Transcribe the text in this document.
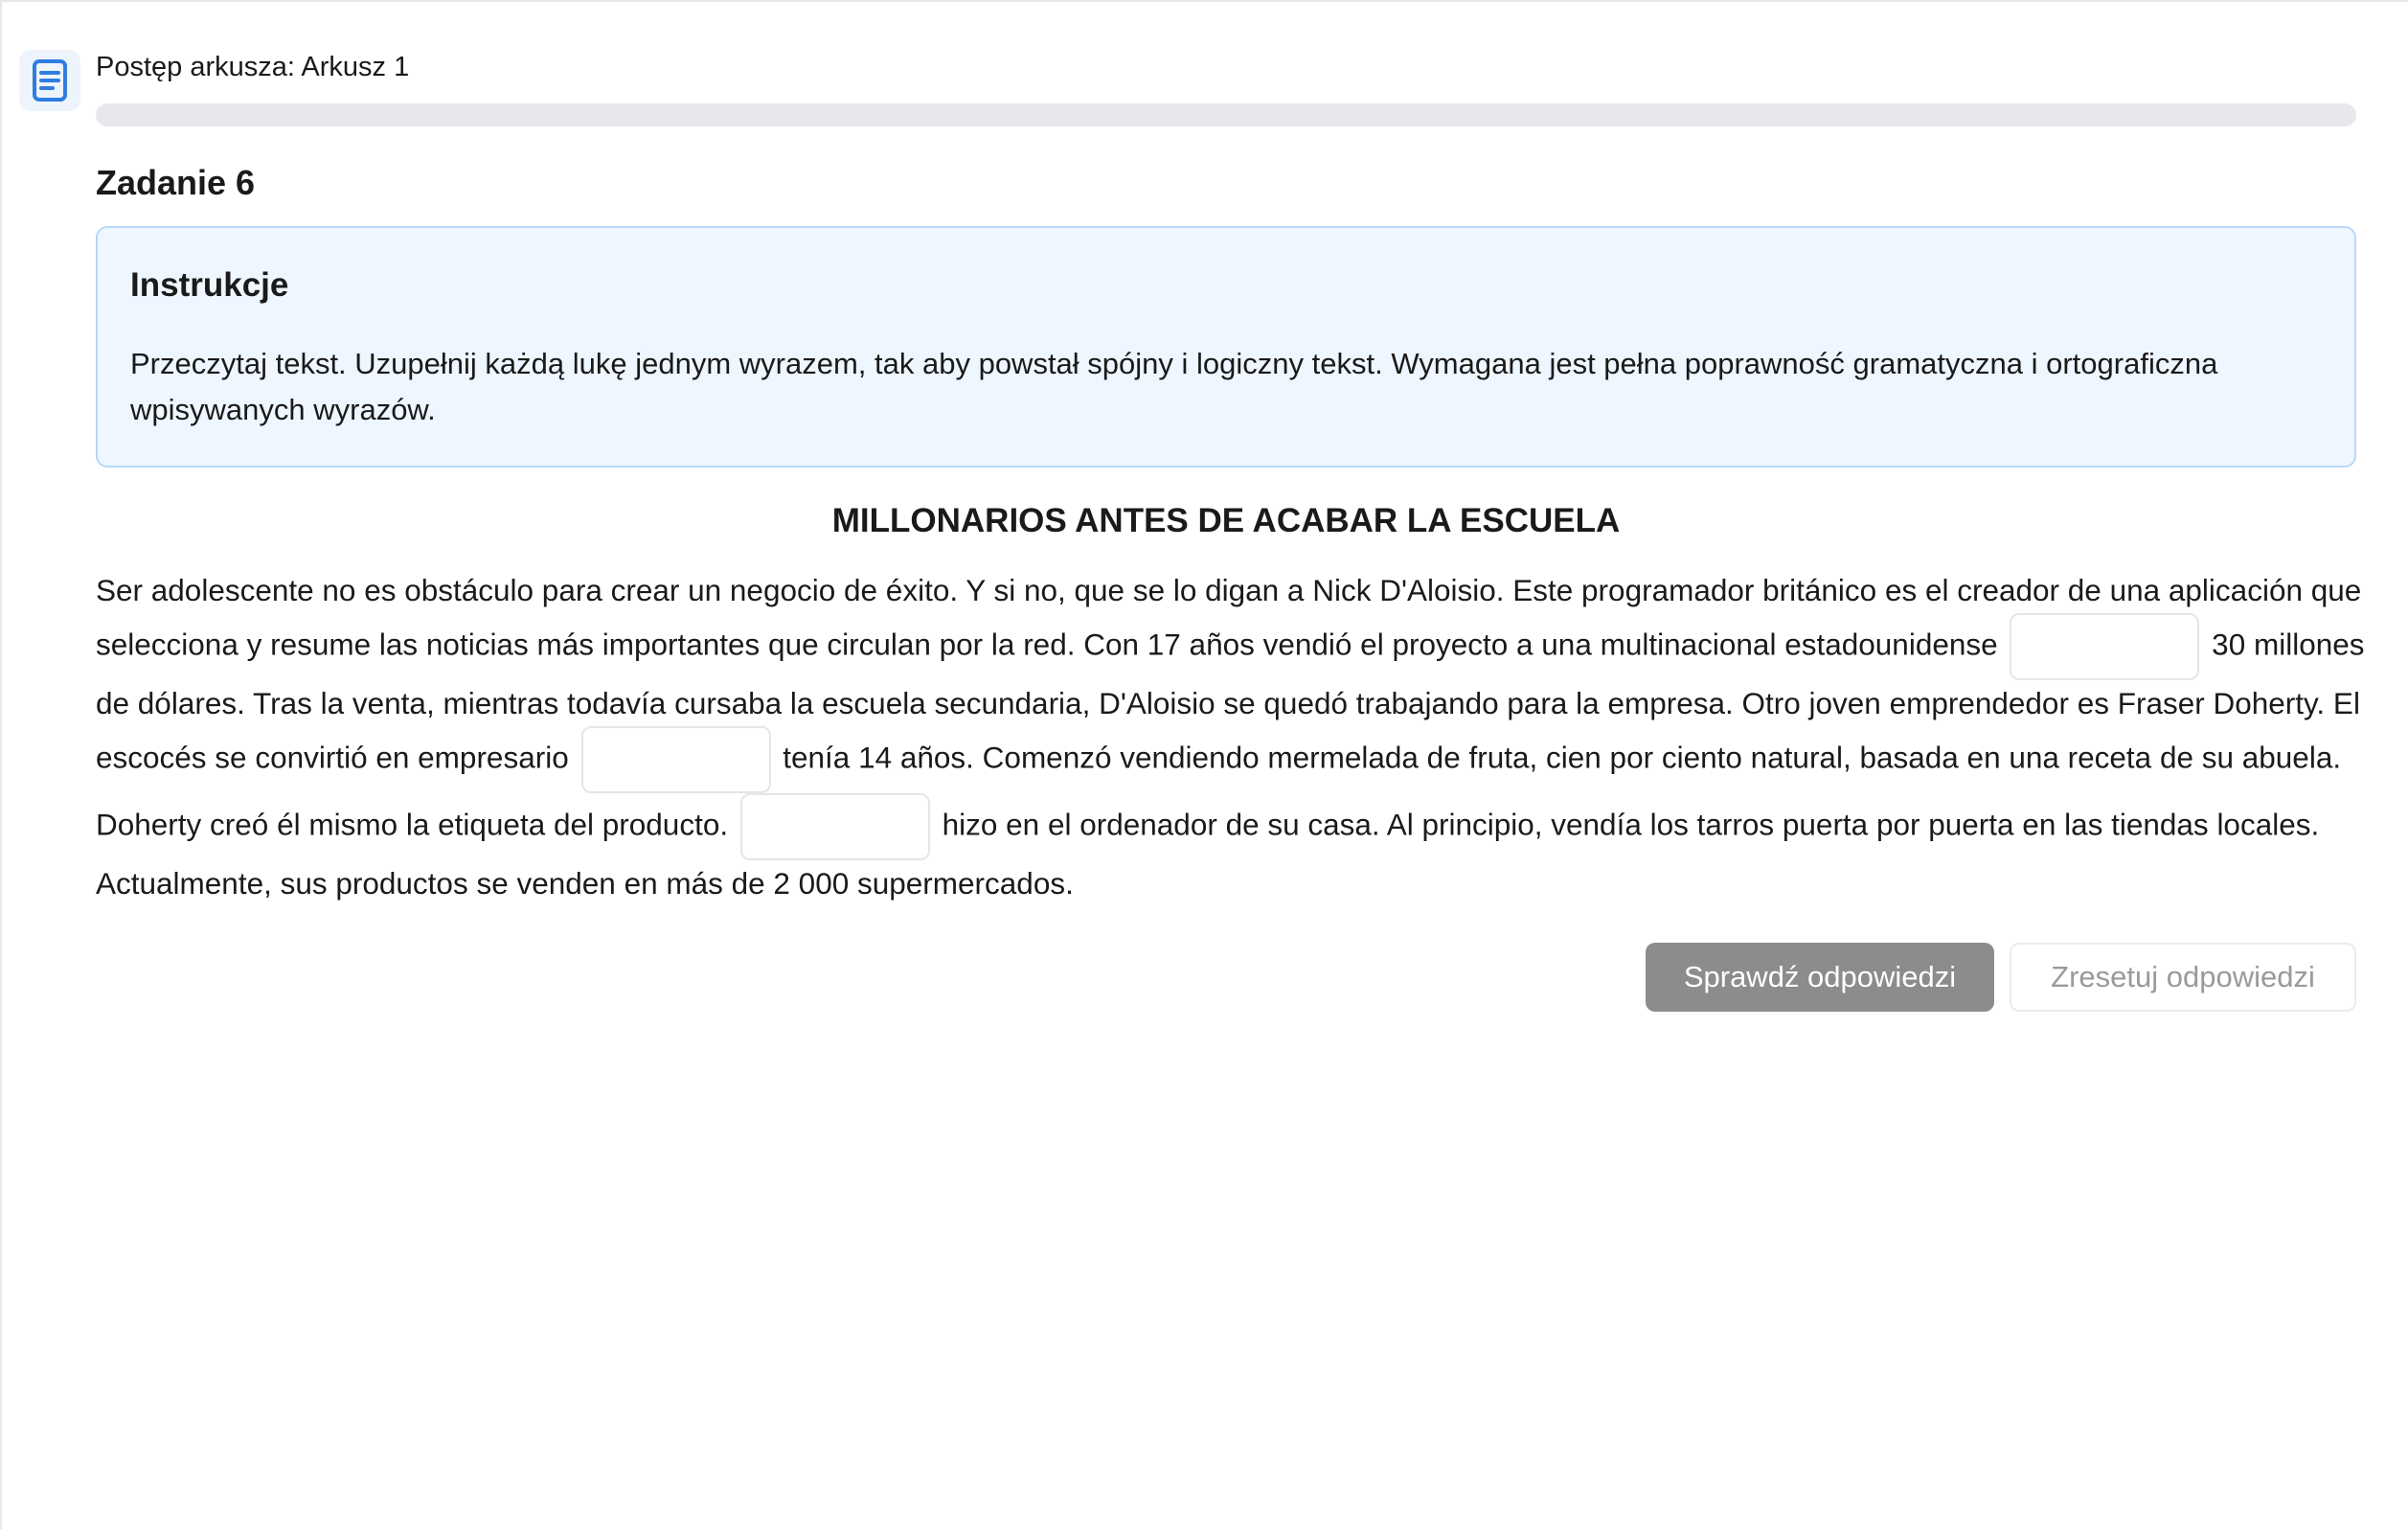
Postęp arkusza: Arkusz 1
Zadanie 6
Instrukcje

Przeczytaj tekst. Uzupełnij każdą lukę jednym wyrazem, tak aby powstał spójny i logiczny tekst. Wymagana jest pełna poprawność gramatyczna i ortograficzna wpisywanych wyrazów.

MILLONARIOS ANTES DE ACABAR LA ESCUELA

Ser adolescente no es obstáculo para crear un negocio de éxito. Y si no, que se lo digan a Nick D'Aloisio. Este programador británico es el creador de una aplicación que selecciona y resume las noticias más importantes que circulan por la red. Con 17 años vendió el proyecto a una multinacional estadounidense	30 millones de dólares. Tras la venta, mientras todavía cursaba la escuela secundaria, D'Aloisio se quedó trabajando para la empresa. Otro joven emprendedor es Fraser Doherty. El escocés se convirtió en empresario	tenía 14 años. Comenzó vendiendo mermelada de fruta, cien por ciento natural, basada en una receta de su abuela. Doherty creó él mismo la etiqueta del producto.	hizo en el ordenador de su casa. Al principio, vendía los tarros puerta por puerta en las tiendas locales. Actualmente, sus productos se venden en más de 2 000 supermercados.

Sprawdź odpowiedzi	Zresetuj odpowiedzi
